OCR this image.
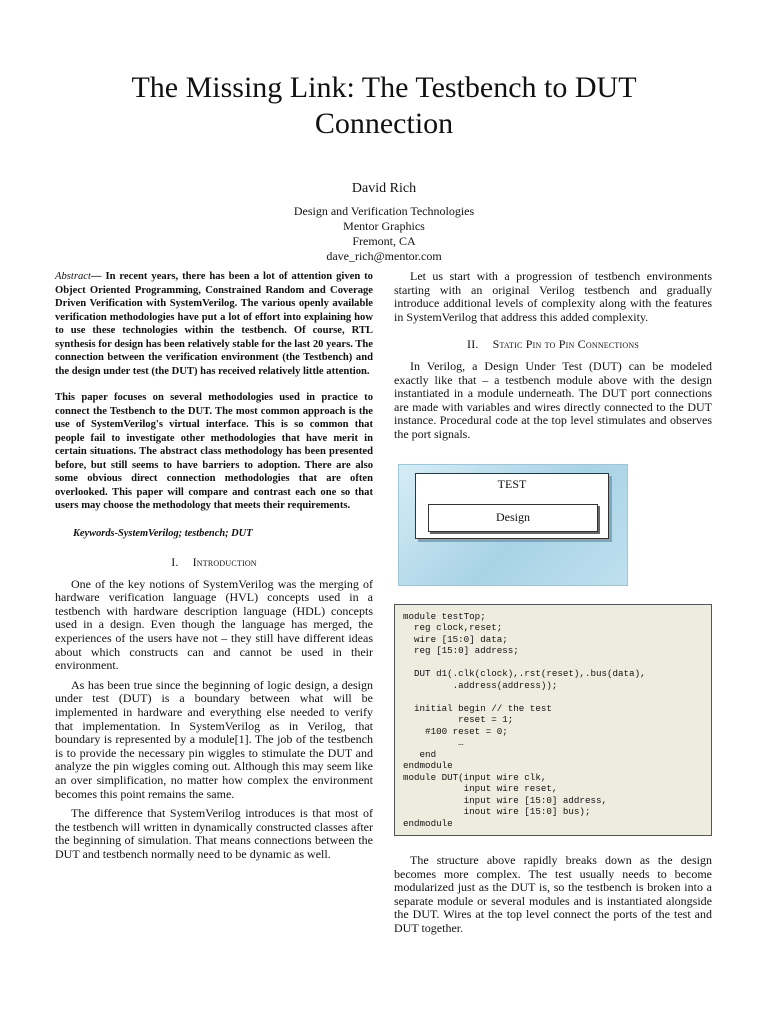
The Missing Link: The Testbench to DUT
Connection
David Rich
Design and Verification Technologies
Mentor Graphics
Fremont, CA
dave_rich@mentor.com

Abstract— In recent years, there has been a lot of attention given to Object Oriented Programming, Constrained Random and Coverage Driven Verification with SystemVerilog. The various openly available verification methodologies have put a lot of effort into explaining how to use these technologies within the testbench. Of course, RTL synthesis for design has been relatively stable for the last 20 years. The connection between the verification environment (the Testbench) and the design under test (the DUT) has received relatively little attention.

This paper focuses on several methodologies used in practice to connect the Testbench to the DUT. The most common approach is the use of SystemVerilog's virtual interface. This is so common that people fail to investigate other methodologies that have merit in certain situations. The abstract class methodology has been presented before, but still seems to have barriers to adoption. There are also some obvious direct connection methodologies that are often overlooked. This paper will compare and contrast each one so that users may choose the methodology that meets their requirements.

Keywords-SystemVerilog; testbench; DUT
I. Introduction

One of the key notions of SystemVerilog was the merging of hardware verification language (HVL) concepts used in a testbench with hardware description language (HDL) concepts used in a design. Even though the language has merged, the experiences of the users have not – they still have different ideas about which constructs can and cannot be used in their environment.

As has been true since the beginning of logic design, a design under test (DUT) is a boundary between what will be implemented in hardware and everything else needed to verify that implementation. In SystemVerilog as in Verilog, that boundary is represented by a module[1]. The job of the testbench is to provide the necessary pin wiggles to stimulate the DUT and analyze the pin wiggles coming out. Although this may seem like an over simplification, no matter how complex the environment becomes this point remains the same.

The difference that SystemVerilog introduces is that most of the testbench will written in dynamically constructed classes after the beginning of simulation. That means connections between the DUT and testbench normally need to be dynamic as well.

Let us start with a progression of testbench environments starting with an original Verilog testbench and gradually introduce additional levels of complexity along with the features in SystemVerilog that address this added complexity.

II. Static Pin to Pin Connections

In Verilog, a Design Under Test (DUT) can be modeled exactly like that – a testbench module above with the design instantiated in a module underneath. The DUT port connections are made with variables and wires directly connected to the DUT instance. Procedural code at the top level stimulates and observes the port signals.

TEST
Design
module testTop;
reg clock,reset;
wire [15:0] data;
reg [15:0] address;

DUT d1(.clk(clock),.rst(reset),.bus(data),
.address(address));

initial begin // the test
reset = 1;
#100 reset = 0;
…
end
endmodule
module DUT(input wire clk,
input wire reset,
input wire [15:0] address,
inout wire [15:0] bus);
endmodule

The structure above rapidly breaks down as the design becomes more complex. The test usually needs to become modularized just as the DUT is, so the testbench is broken into a separate module or several modules and is instantiated alongside the DUT. Wires at the top level connect the ports of the test and DUT together.
